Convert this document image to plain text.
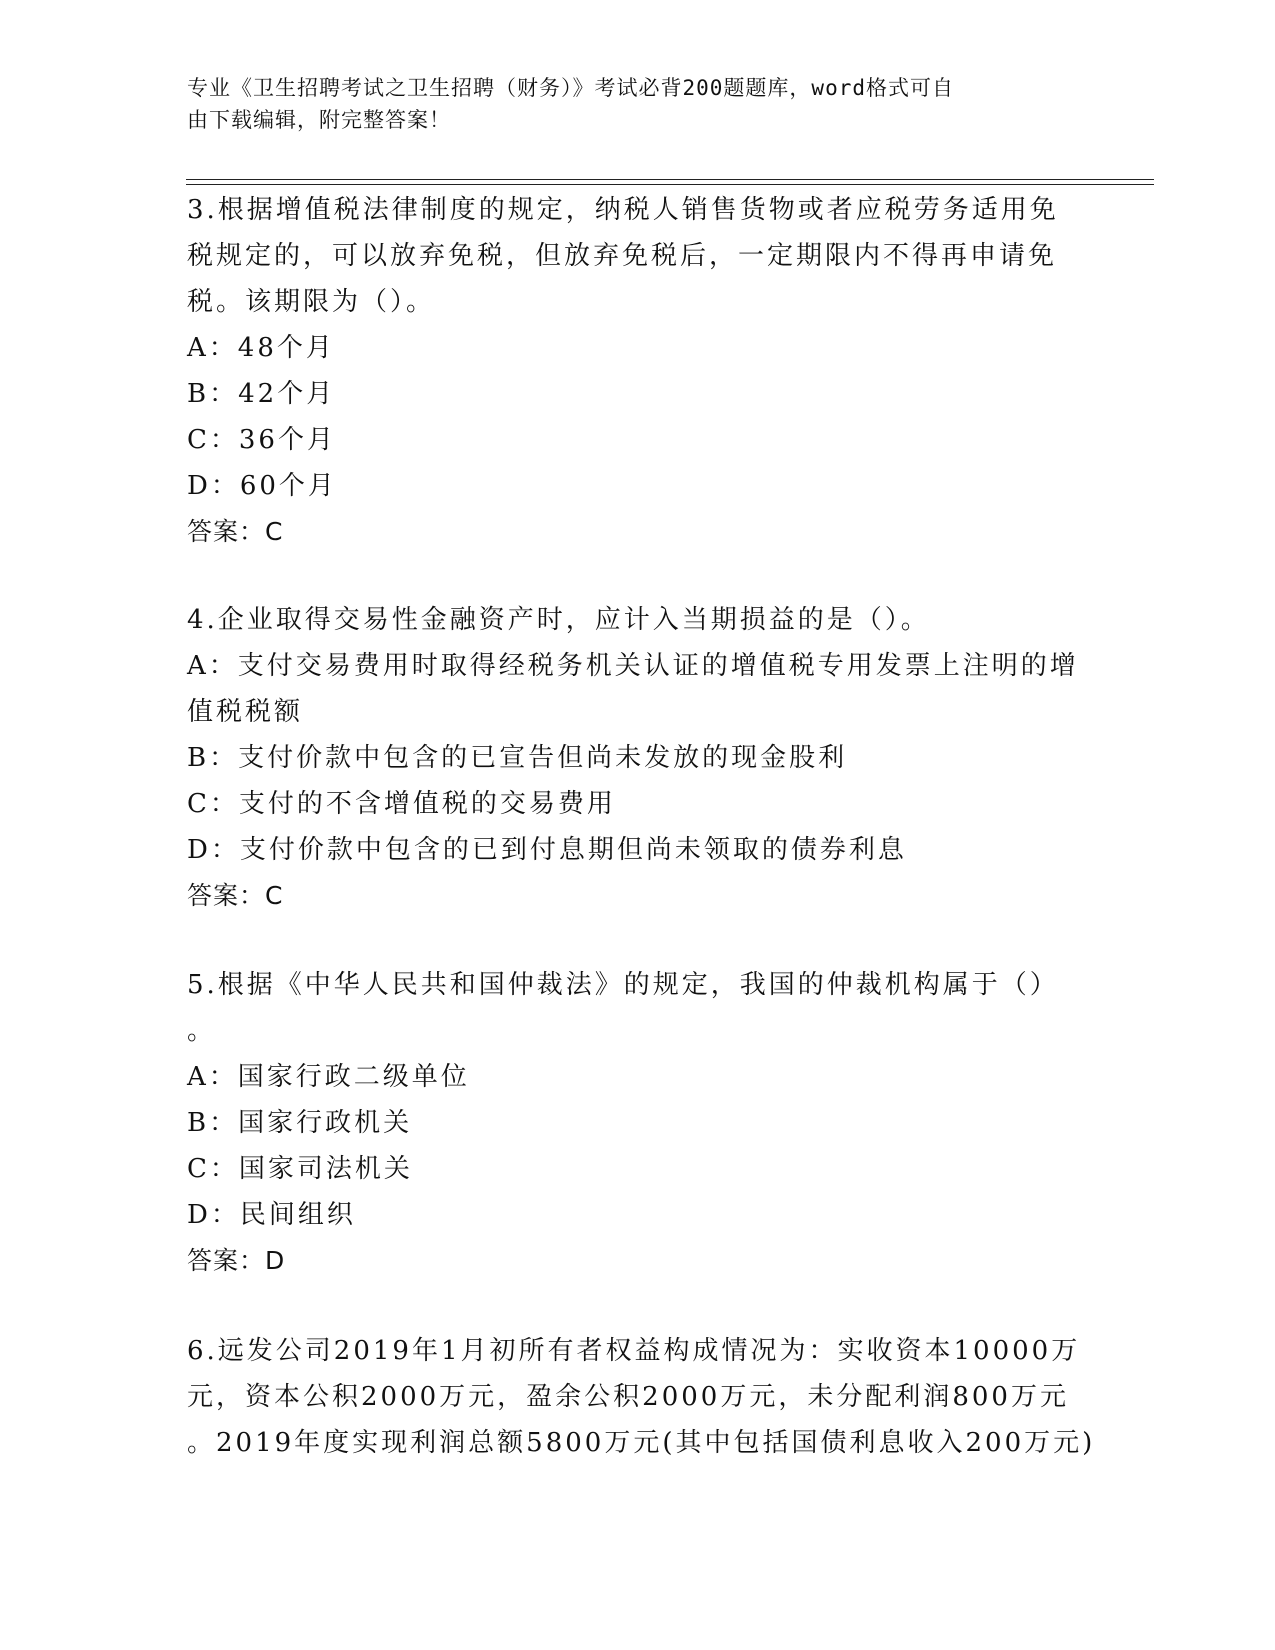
专业《卫生招聘考试之卫生招聘（财务）》考试必背200题题库，word格式可自
由下载编辑，附完整答案！
3.根据增值税法律制度的规定，纳税人销售货物或者应税劳务适用免
税规定的，可以放弃免税，但放弃免税后，一定期限内不得再申请免
税。该期限为（）。
A：48个月
B：42个月
C：36个月
D：60个月
答案：C
4.企业取得交易性金融资产时，应计入当期损益的是（）。
A：支付交易费用时取得经税务机关认证的增值税专用发票上注明的增
值税税额
B：支付价款中包含的已宣告但尚未发放的现金股利
C：支付的不含增值税的交易费用
D：支付价款中包含的已到付息期但尚未领取的债券利息
答案：C
5.根据《中华人民共和国仲裁法》的规定，我国的仲裁机构属于（）
。
A：国家行政二级单位
B：国家行政机关
C：国家司法机关
D：民间组织
答案：D
6.远发公司2019年1月初所有者权益构成情况为：实收资本10000万
元，资本公积2000万元，盈余公积2000万元，未分配利润800万元
。2019年度实现利润总额5800万元(其中包括国债利息收入200万元)
